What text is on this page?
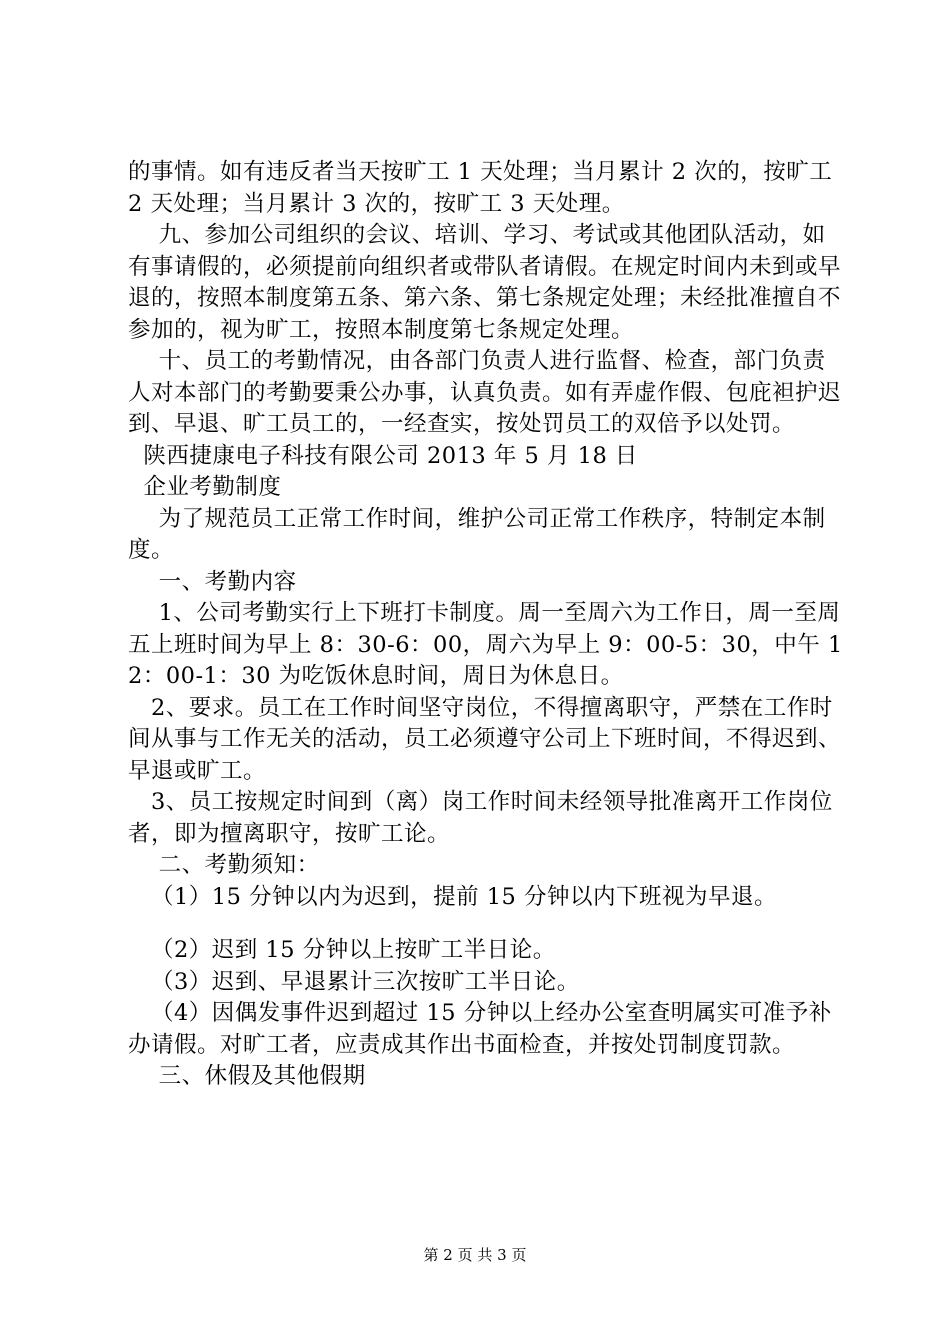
的事情。如有违反者当天按旷工 1 天处理；当月累计 2 次的，按旷工 2 天处理；当月累计 3 次的，按旷工 3 天处理。

九、参加公司组织的会议、培训、学习、考试或其他团队活动，如有事请假的，必须提前向组织者或带队者请假。在规定时间内未到或早退的，按照本制度第五条、第六条、第七条规定处理；未经批准擅自不参加的，视为旷工，按照本制度第七条规定处理。

十、员工的考勤情况，由各部门负责人进行监督、检查，部门负责人对本部门的考勤要秉公办事，认真负责。如有弄虚作假、包庇袒护迟到、早退、旷工员工的，一经查实，按处罚员工的双倍予以处罚。

陕西捷康电子科技有限公司 2013 年 5 月 18 日

企业考勤制度

为了规范员工正常工作时间，维护公司正常工作秩序，特制定本制度。

一、考勤内容

1、公司考勤实行上下班打卡制度。周一至周六为工作日，周一至周五上班时间为早上 8：30-6：00，周六为早上 9：00-5：30，中午 12：00-1：30 为吃饭休息时间，周日为休息日。

2、要求。员工在工作时间坚守岗位，不得擅离职守，严禁在工作时间从事与工作无关的活动，员工必须遵守公司上下班时间，不得迟到、早退或旷工。

3、员工按规定时间到（离）岗工作时间未经领导批准离开工作岗位者，即为擅离职守，按旷工论。

二、考勤须知：

（1）15 分钟以内为迟到，提前 15 分钟以内下班视为早退。

（2）迟到 15 分钟以上按旷工半日论。

（3）迟到、早退累计三次按旷工半日论。

（4）因偶发事件迟到超过 15 分钟以上经办公室查明属实可准予补办请假。对旷工者，应责成其作出书面检查，并按处罚制度罚款。

三、休假及其他假期

第 2 页 共 3 页
